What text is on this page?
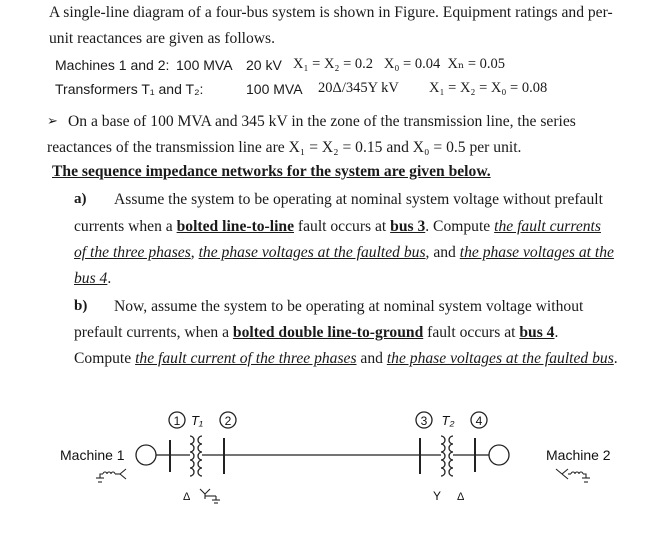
A single-line diagram of a four-bus system is shown in Figure. Equipment ratings and per-
unit reactances are given as follows.
Machines 1 and 2: 100 MVA 20 kV X₁ = X₂ = 0.2   X₀ = 0.04  Xₙ = 0.05
Transformers T₁ and T₂:	100 MVA 20Δ/345Y kV X₁ = X₂ = X₀ = 0.08
➢ On a base of 100 MVA and 345 kV in the zone of the transmission line, the series
reactances of the transmission line are X₁ = X₂ = 0.15 and X₀ = 0.5 per unit.
The sequence impedance networks for the system are given below.
a) Assume the system to be operating at nominal system voltage without prefault
currents when a bolted line-to-line fault occurs at bus 3. Compute the fault currents
of the three phases, the phase voltages at the faulted bus, and the phase voltages at the
bus 4.
b) Now, assume the system to be operating at nominal system voltage without
prefault currents, when a bolted double line-to-ground fault occurs at bus 4.
Compute the fault current of the three phases and the phase voltages at the faulted bus.
Machine 1	Machine 2
1	2	3	4
T₁	T₂
Δ	Y Δ
